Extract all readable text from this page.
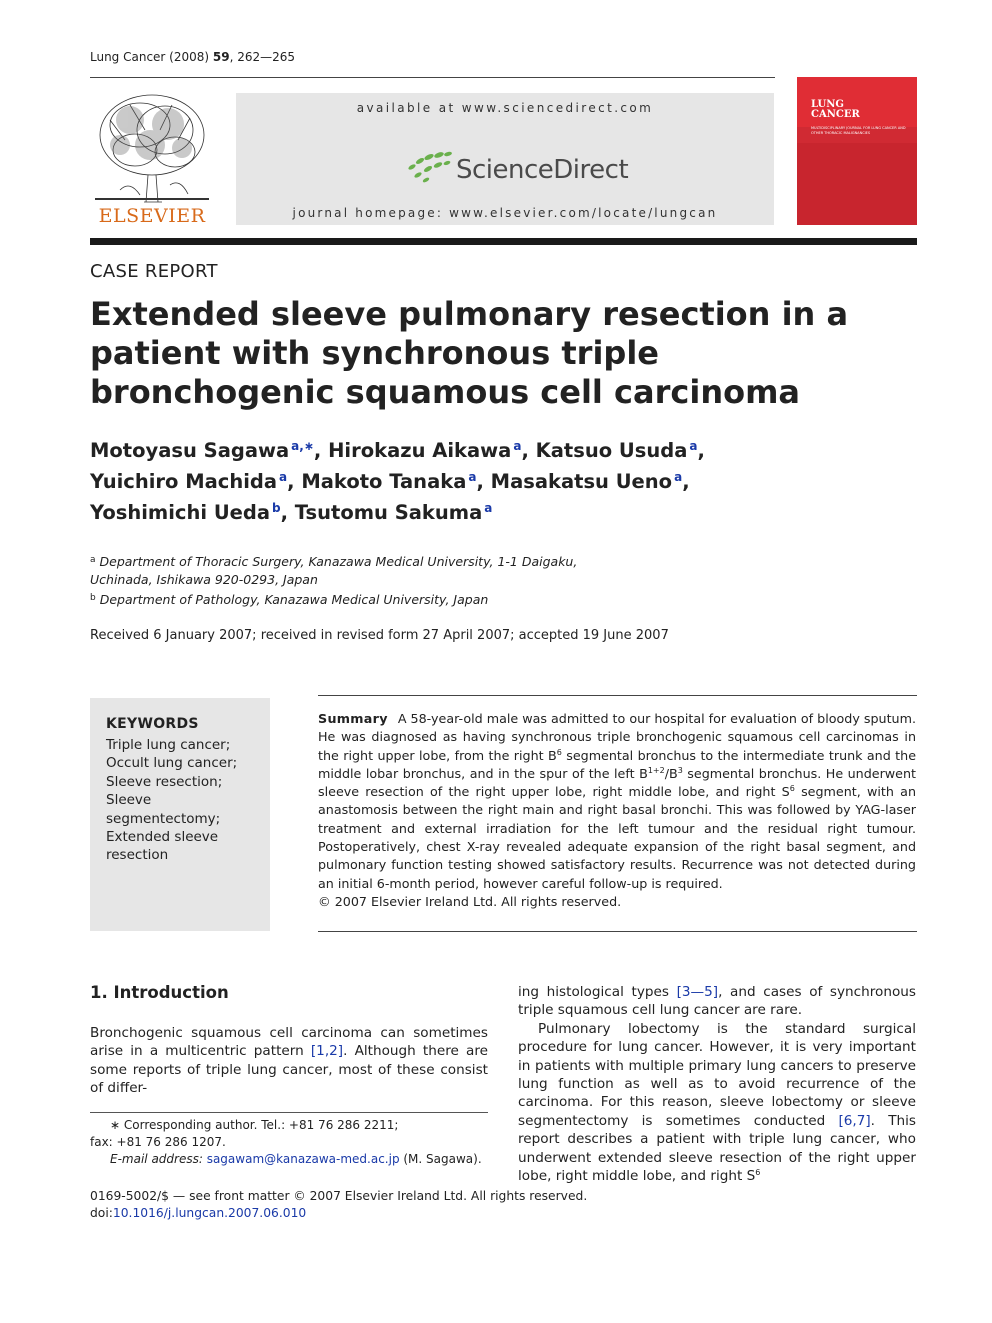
Lung Cancer (2008) 59, 262—265
ELSEVIER
available at www.sciencedirect.com
ScienceDirect
journal homepage: www.elsevier.com/locate/lungcan
LUNG
CANCER
MULTIDISCIPLINARY JOURNAL FOR LUNG CANCER AND OTHER THORACIC MALIGNANCIES
CASE REPORT
Extended sleeve pulmonary resection in a patient with synchronous triple bronchogenic squamous cell carcinoma
Motoyasu Sagawa $^{a,∗}$, Hirokazu Aikawa $^a$, Katsuo Usuda $^a$,
Yuichiro Machida $^a$, Makoto Tanaka $^a$, Masakatsu Ueno $^a$,
Yoshimichi Ueda $^b$, Tsutomu Sakuma $^a$
$^a$ Department of Thoracic Surgery, Kanazawa Medical University, 1-1 Daigaku,
Uchinada, Ishikawa 920-0293, Japan
$^b$ Department of Pathology, Kanazawa Medical University, Japan
Received 6 January 2007; received in revised form 27 April 2007; accepted 19 June 2007
KEYWORDS
Triple lung cancer;
Occult lung cancer;
Sleeve resection;
Sleeve
segmentectomy;
Extended sleeve
resection
Summary A 58-year-old male was admitted to our hospital for evaluation of bloody sputum. He was diagnosed as having synchronous triple bronchogenic squamous cell carcinomas in the right upper lobe, from the right $B^6$ segmental bronchus to the intermediate trunk and the middle lobar bronchus, and in the spur of the left $B^{1+2}/B^3$ segmental bronchus. He underwent sleeve resection of the right upper lobe, right middle lobe, and right $S^6$ segment, with an anastomosis between the right main and right basal bronchi. This was followed by YAG-laser treatment and external irradiation for the left tumour and the residual right tumour. Postoperatively, chest X-ray revealed adequate expansion of the right basal segment, and pulmonary function testing showed satisfactory results. Recurrence was not detected during an initial 6-month period, however careful follow-up is required.
© 2007 Elsevier Ireland Ltd. All rights reserved.
1. Introduction
Bronchogenic squamous cell carcinoma can sometimes arise in a multicentric pattern [1,2]. Although there are some reports of triple lung cancer, most of these consist of differ-
ing histological types [3—5], and cases of synchronous triple squamous cell lung cancer are rare.
Pulmonary lobectomy is the standard surgical procedure for lung cancer. However, it is very important in patients with multiple primary lung cancers to preserve lung function as well as to avoid recurrence of the carcinoma. For this reason, sleeve lobectomy or sleeve segmentectomy is sometimes conducted [6,7]. This report describes a patient with triple lung cancer, who underwent extended sleeve resection of the right upper lobe, right middle lobe, and right $S^6$
∗ Corresponding author. Tel.: +81 76 286 2211;
fax: +81 76 286 1207.
E-mail address: sagawam@kanazawa-med.ac.jp (M. Sagawa).
0169-5002/$ — see front matter © 2007 Elsevier Ireland Ltd. All rights reserved.
doi:10.1016/j.lungcan.2007.06.010
